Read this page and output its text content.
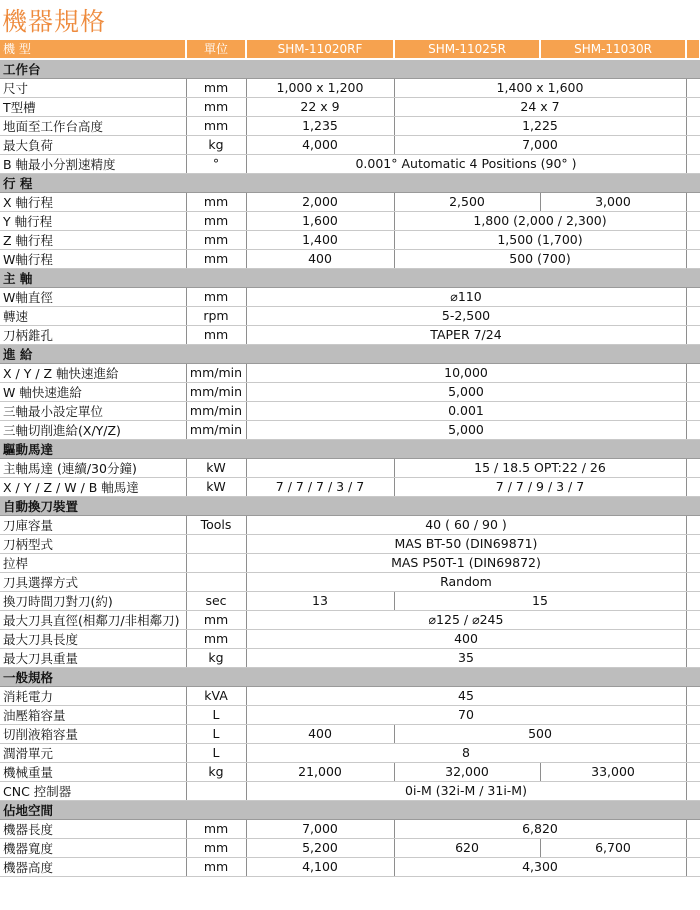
機器規格
機 型	單位	SHM-11020RF	SHM-11025R	SHM-11030R	
工作台					
尺寸	mm	1,000 x 1,200	1,400 x 1,600		
T型槽	mm	22 x 9	24 x 7		
地面至工作台高度	mm	1,235	1,225		
最大負荷	kg	4,000	7,000		
B 軸最小分割速精度	°	0.001° Automatic 4 Positions (90° )			
行 程					
X 軸行程	mm	2,000	2,500	3,000	
Y 軸行程	mm	1,600	1,800 (2,000 / 2,300)		
Z 軸行程	mm	1,400	1,500 (1,700)		
W軸行程	mm	400	500 (700)		
主 軸					
W軸直徑	mm	⌀110			
轉速	rpm	5-2,500			
刀柄錐孔	mm	TAPER 7/24			
進 給					
X / Y / Z 軸快速進給	mm/min	10,000			
W 軸快速進給	mm/min	5,000			
三軸最小設定單位	mm/min	0.001			
三軸切削進給(X/Y/Z)	mm/min	5,000			
驅動馬達					
主軸馬達 (連續/30分鐘)	kW		15 / 18.5 OPT:22 / 26		
X / Y / Z / W / B 軸馬達	kW	7 / 7 / 7 / 3 / 7	7 / 7 / 9 / 3 / 7		
自動換刀裝置					
刀庫容量	Tools	40 ( 60 / 90 )			
刀柄型式		MAS BT-50 (DIN69871)			
拉桿		MAS P50T-1 (DIN69872)			
刀具選擇方式		Random			
換刀時間刀對刀(約)	sec	13	15		
最大刀具直徑(相鄰刀/非相鄰刀)	mm	⌀125 / ⌀245			
最大刀具長度	mm	400			
最大刀具重量	kg	35			
一般規格					
消耗電力	kVA	45			
油壓箱容量	L	70			
切削液箱容量	L	400	500		
潤滑單元	L	8			
機械重量	kg	21,000	32,000	33,000	
CNC 控制器		0i-M (32i-M / 31i-M)			
佔地空間					
機器長度	mm	7,000	6,820		
機器寬度	mm	5,200	620	6,700	
機器高度	mm	4,100	4,300		
